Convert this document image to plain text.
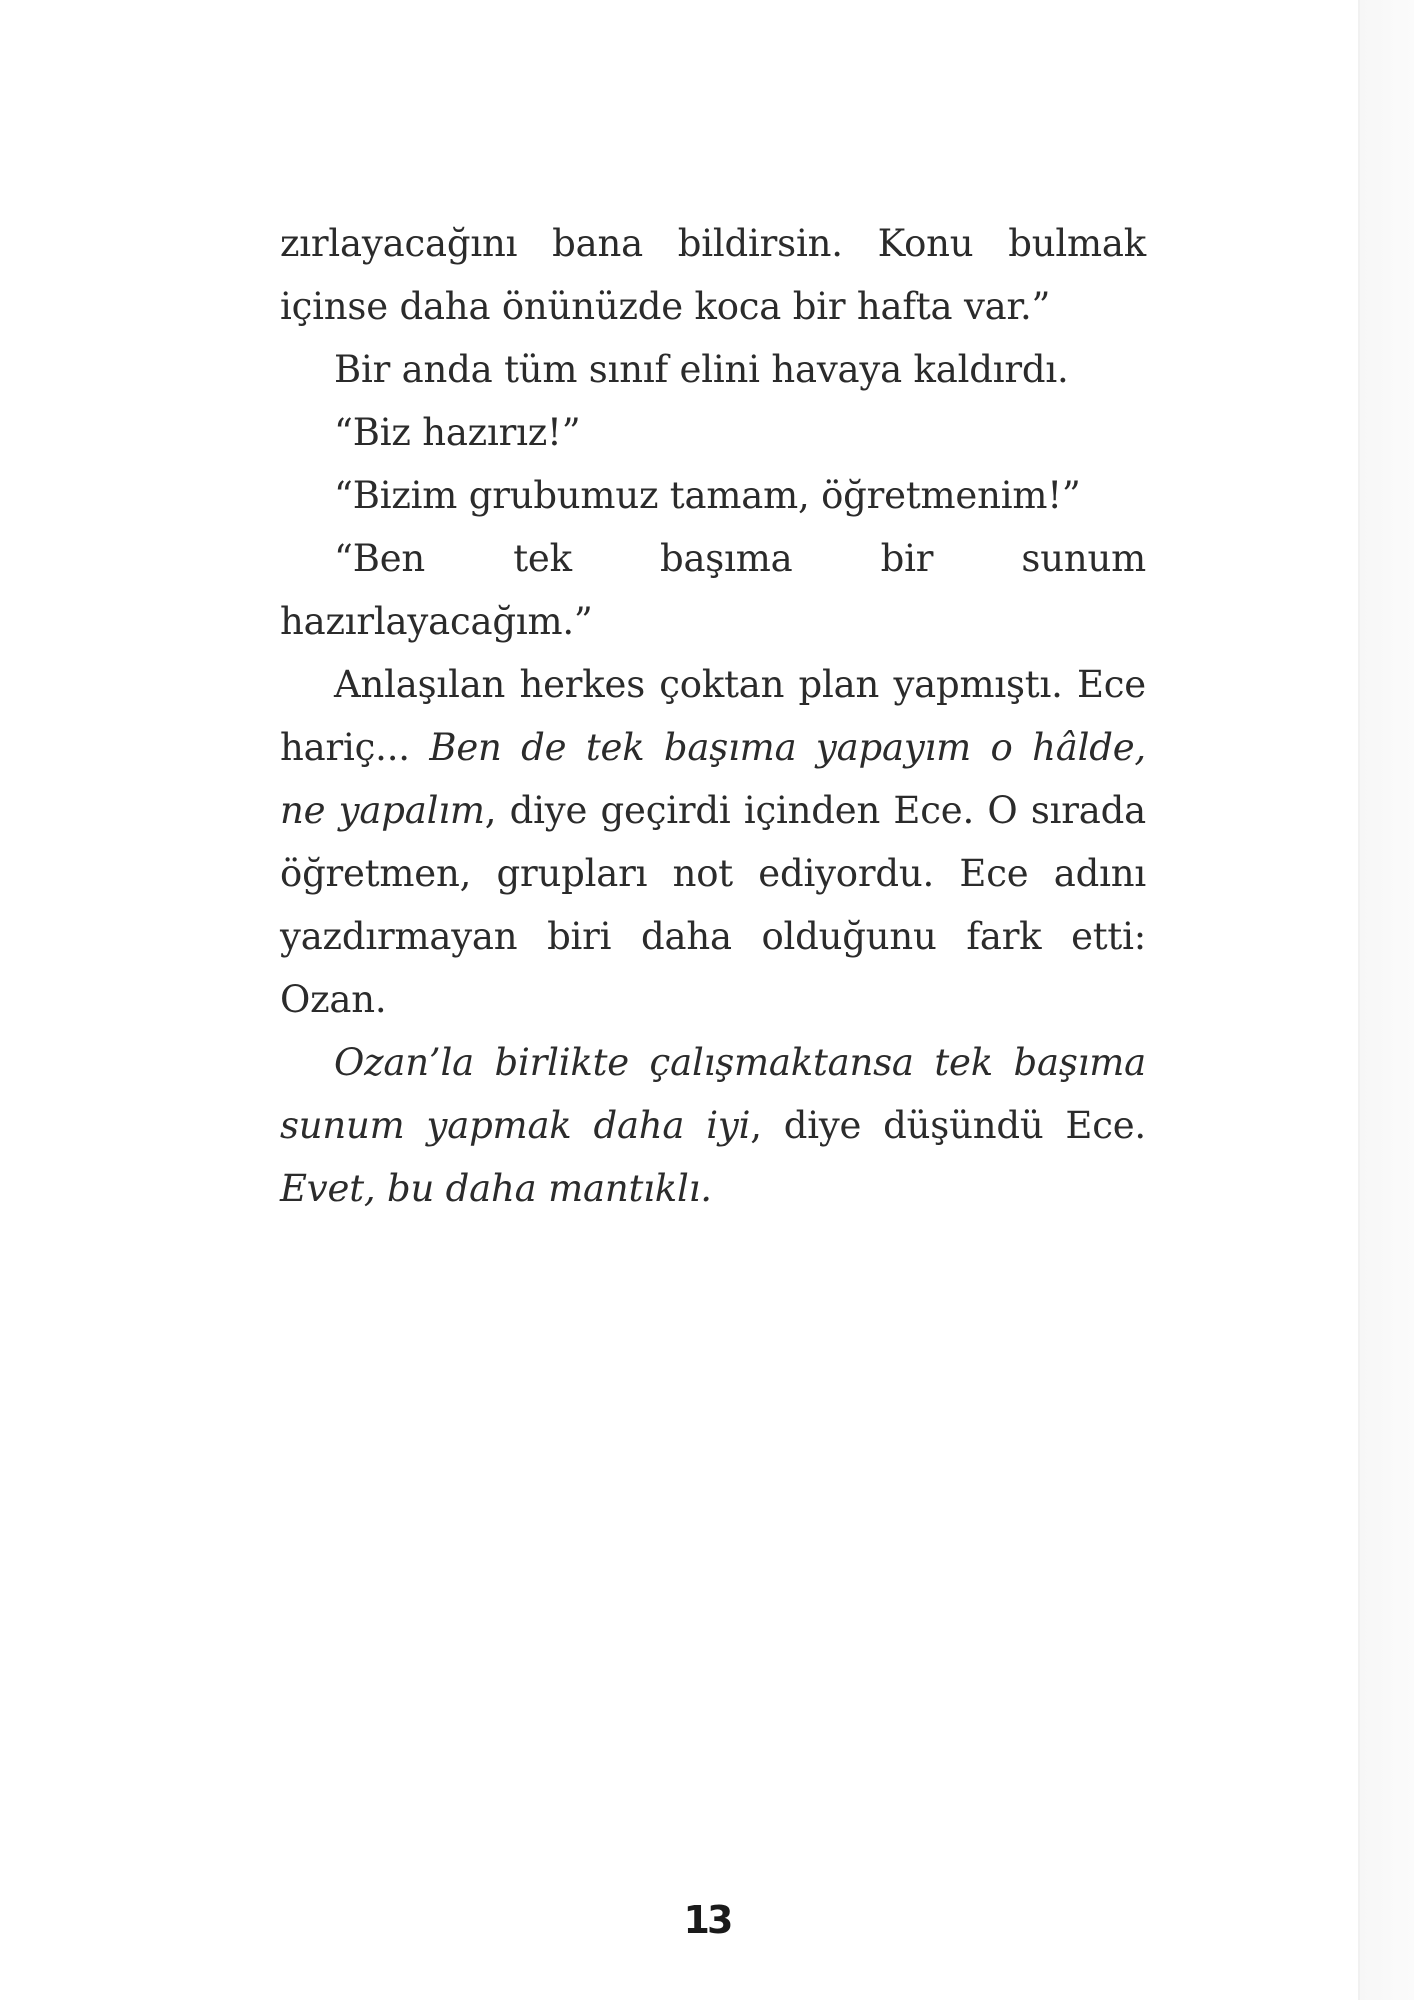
zırlayacağını bana bildirsin. Konu bulmak içinse daha önünüzde koca bir hafta var.”

Bir anda tüm sınıf elini havaya kaldırdı.

“Biz hazırız!”

“Bizim grubumuz tamam, öğretmenim!”

“Ben tek başıma bir sunum hazırlayacağım.”

Anlaşılan herkes çoktan plan yapmıştı. Ece hariç... Ben de tek başıma yapayım o hâlde, ne yapalım, diye geçirdi içinden Ece. O sırada öğretmen, grupları not ediyordu. Ece adını yazdırmayan biri daha olduğunu fark etti: Ozan.

Ozan’la birlikte çalışmaktansa tek başıma sunum yapmak daha iyi, diye düşündü Ece. Evet, bu daha mantıklı.

13
